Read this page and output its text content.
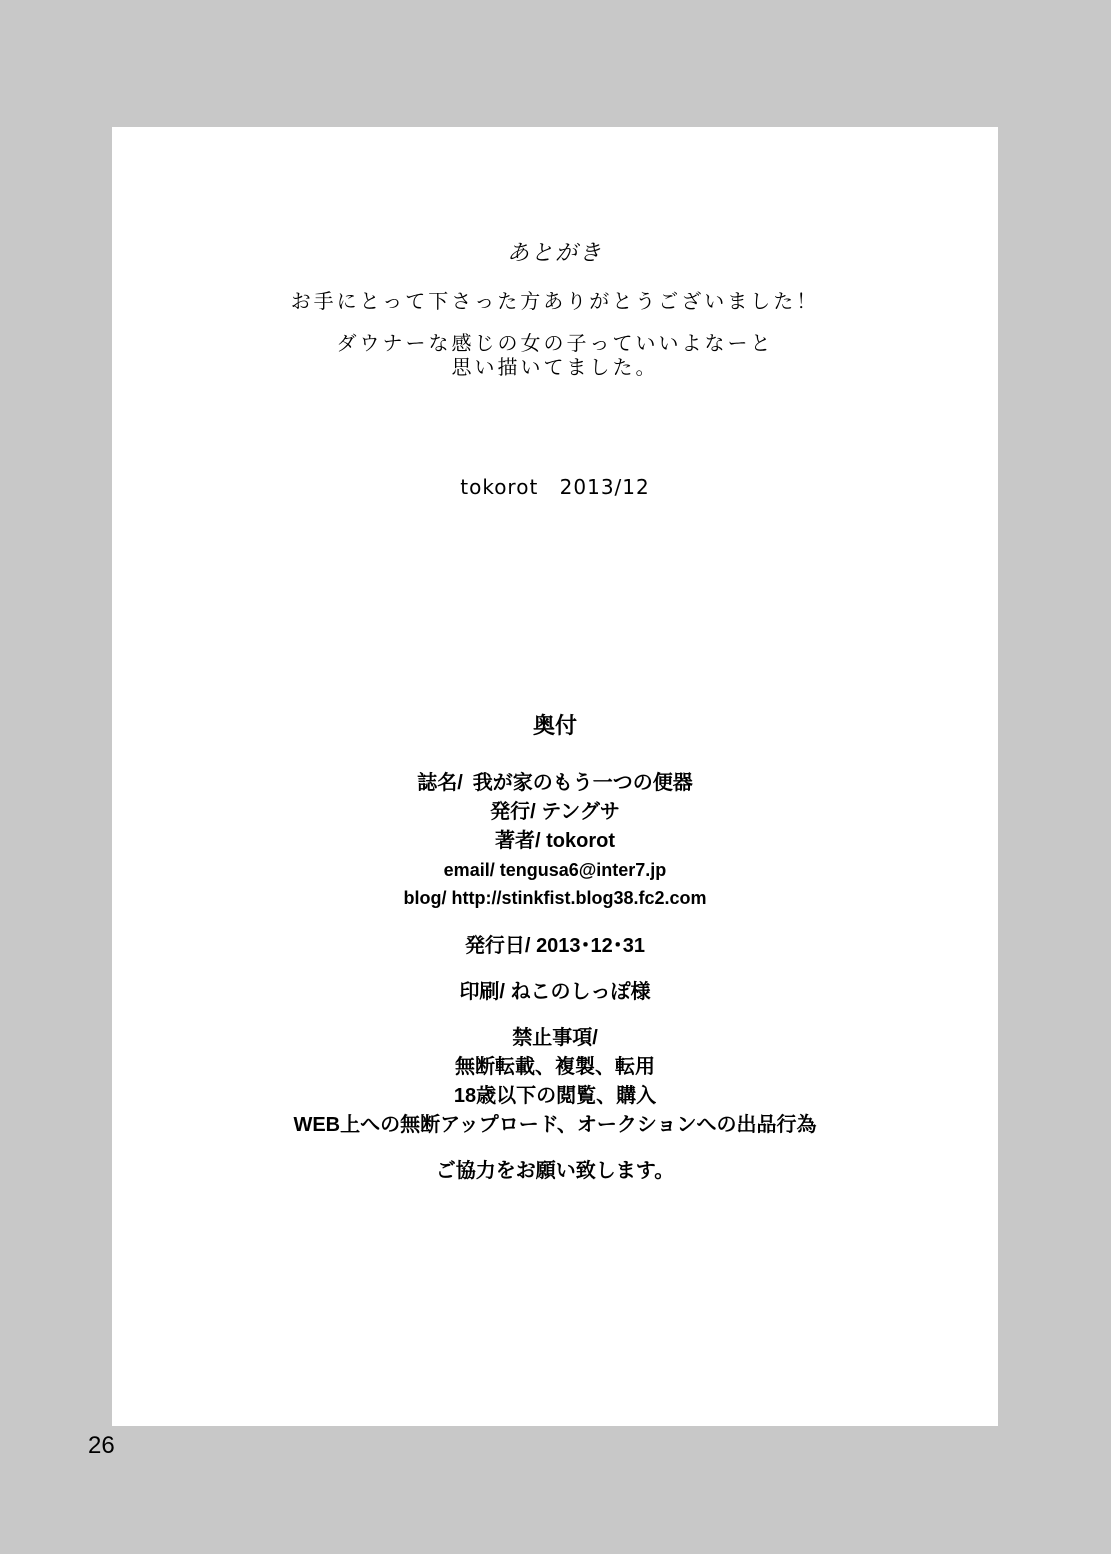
あとがき
お手にとって下さった方ありがとうございました！
ダウナーな感じの女の子っていいよなーと
思い描いてました。
tokorot 2013/12
奥付
誌名/ 我が家のもう一つの便器
発行/ テングサ
著者/ tokorot
email/ tengusa6@inter7.jp
blog/ http://stinkfist.blog38.fc2.com
発行日/ 2013･12･31
印刷/ ねこのしっぽ様
禁止事項/
無断転載、複製、転用
18歳以下の閲覧、購入
WEB上への無断アップロード、オークションへの出品行為
ご協力をお願い致します。
26
